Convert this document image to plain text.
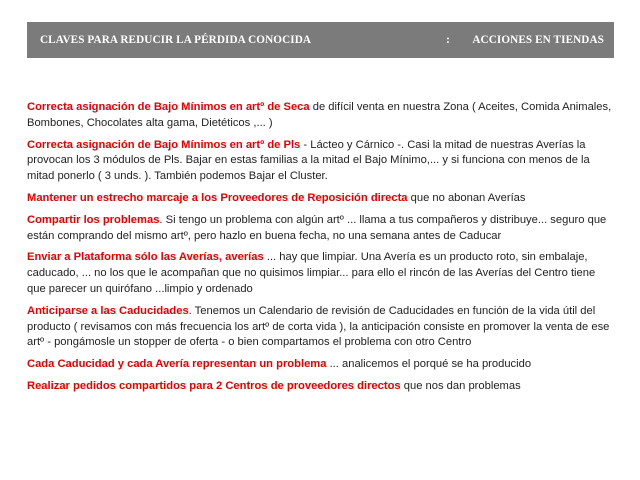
CLAVES PARA REDUCIR LA PÉRDIDA CONOCIDA	: ACCIONES EN TIENDAS

Correcta asignación de Bajo Mínimos en artº de Seca de difícil venta en nuestra Zona ( Aceites, Comida Animales, Bombones, Chocolates alta gama, Dietéticos ,... )

Correcta asignación de Bajo Mínimos en artº de Pls - Lácteo y Cárnico -. Casi la mitad de nuestras Averías la provocan los 3 módulos de Pls. Bajar en estas familias a la mitad el Bajo Mínimo,... y si funciona con menos de la mitad ponerlo ( 3 unds. ). También podemos Bajar el Cluster.

Mantener un estrecho marcaje a los Proveedores de Reposición directa que no abonan Averías

Compartir los problemas. Si tengo un problema con algún artº ... llama a tus compañeros y distribuye... seguro que están comprando del mismo artº, pero hazlo en buena fecha, no una semana antes de Caducar

Enviar a Plataforma sólo las Averías, averías ... hay que limpiar. Una Avería es un producto roto, sin embalaje, caducado, ... no los que le acompañan que no quisimos limpiar... para ello el rincón de las Averías del Centro tiene que parecer un quirófano ...limpio y ordenado

Anticiparse a las Caducidades. Tenemos un Calendario de revisión de Caducidades en función de la vida útil del producto ( revisamos con más frecuencia los artº de corta vida ), la anticipación consiste en promover la venta de ese artº - pongámosle un stopper de oferta - o bien compartamos el problema con otro Centro

Cada Caducidad y cada Avería representan un problema ... analicemos el porqué se ha producido

Realizar pedidos compartidos para 2 Centros de proveedores directos que nos dan problemas
